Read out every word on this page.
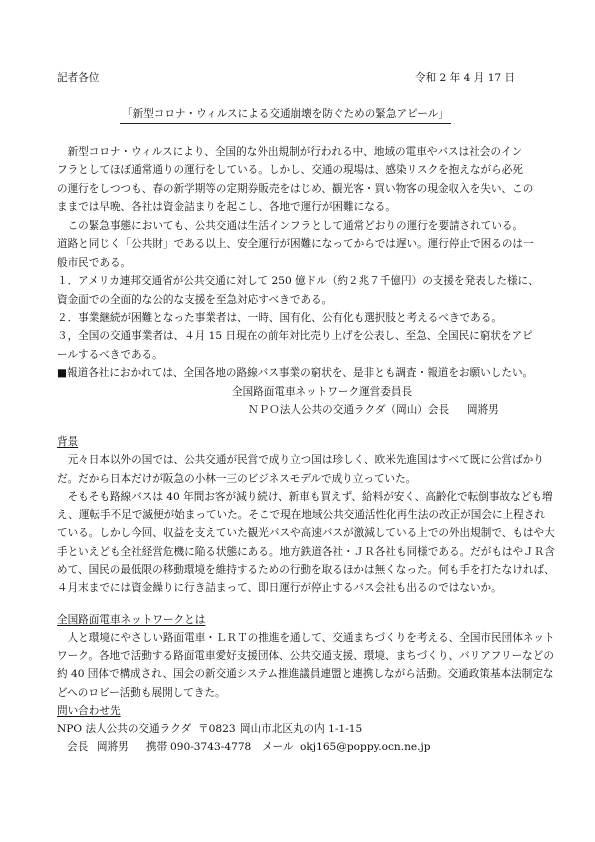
記者各位	令和 2 年 4 月 17 日
「新型コロナ・ウィルスによる交通崩壊を防ぐための緊急アピール」
新型コロナ・ウィルスにより、全国的な外出規制が行われる中、地域の電車やバスは社会のイン
フラとしてほぼ通常通りの運行をしている。しかし、交通の現場は、感染リスクを抱えながら必死
の運行をしつつも、春の新学期等の定期券販売をはじめ、観光客・買い物客の現金収入を失い、この
ままでは早晩、各社は資金詰まりを起こし、各地で運行が困難になる。
この緊急事態においても、公共交通は生活インフラとして通常どおりの運行を要請されている。
道路と同じく「公共財」である以上、安全運行が困難になってからでは遅い。運行停止で困るのは一
般市民である。
１．アメリカ連邦交通省が公共交通に対して 250 億ドル（約２兆７千億円）の支援を発表した様に、
資金面での全面的な公的な支援を至急対応すべきである。
２．事業継続が困難となった事業者は、一時、国有化、公有化も選択肢と考えるべきである。
３，全国の交通事業者は、４月 15 日現在の前年対比売り上げを公表し、至急、全国民に窮状をアピ
ールするべきである。
■報道各社におかれては、全国各地の路線バス事業の窮状を、是非とも調査・報道をお願いしたい。
全国路面電車ネットワーク運営委員長
ＮＰＯ法人公共の交通ラクダ（岡山）会長 岡將男
背景
元々日本以外の国では、公共交通が民営で成り立つ国は珍しく、欧米先進国はすべて既に公営ばかり
だ。だから日本だけが阪急の小林一三のビジネスモデルで成り立っていた。
そもそも路線バスは 40 年間お客が減り続け、新車も買えず、給料が安く、高齢化で転倒事故なども増
え、運転手不足で滅便が始まっていた。そこで現在地域公共交通活性化再生法の改正が国会に上程され
ている。しかし今回、収益を支えていた観光バスや高速バスが激減している上での外出規制で、もはや大
手といえども全社経営危機に陥る状態にある。地方鉄道各社・ＪＲ各社も同様である。だがもはやＪＲ含
めて、国民の最低限の移動環境を維持するための行動を取るほかは無くなった。何も手を打たなければ、
４月末までには資金繰りに行き詰まって、即日運行が停止するバス会社も出るのではないか。
全国路面電車ネットワークとは
人と環境にやさしい路面電車・ＬＲＴの推進を通して、交通まちづくりを考える、全国市民団体ネット
ワーク。各地で活動する路面電車愛好支援団体、公共交通支援、環境、まちづくり、バリアフリーなどの
約 40 団体で構成され、国会の新交通システム推進議員連盟と連携しながら活動。交通政策基本法制定な
どへのロビー活動も展開してきた。
問い合わせ先
NPO 法人公共の交通ラクダ 〒0823 岡山市北区丸の内 1-1-15
会長 岡將男 携帯 090-3743-4778 メール okj165@poppy.ocn.ne.jp
